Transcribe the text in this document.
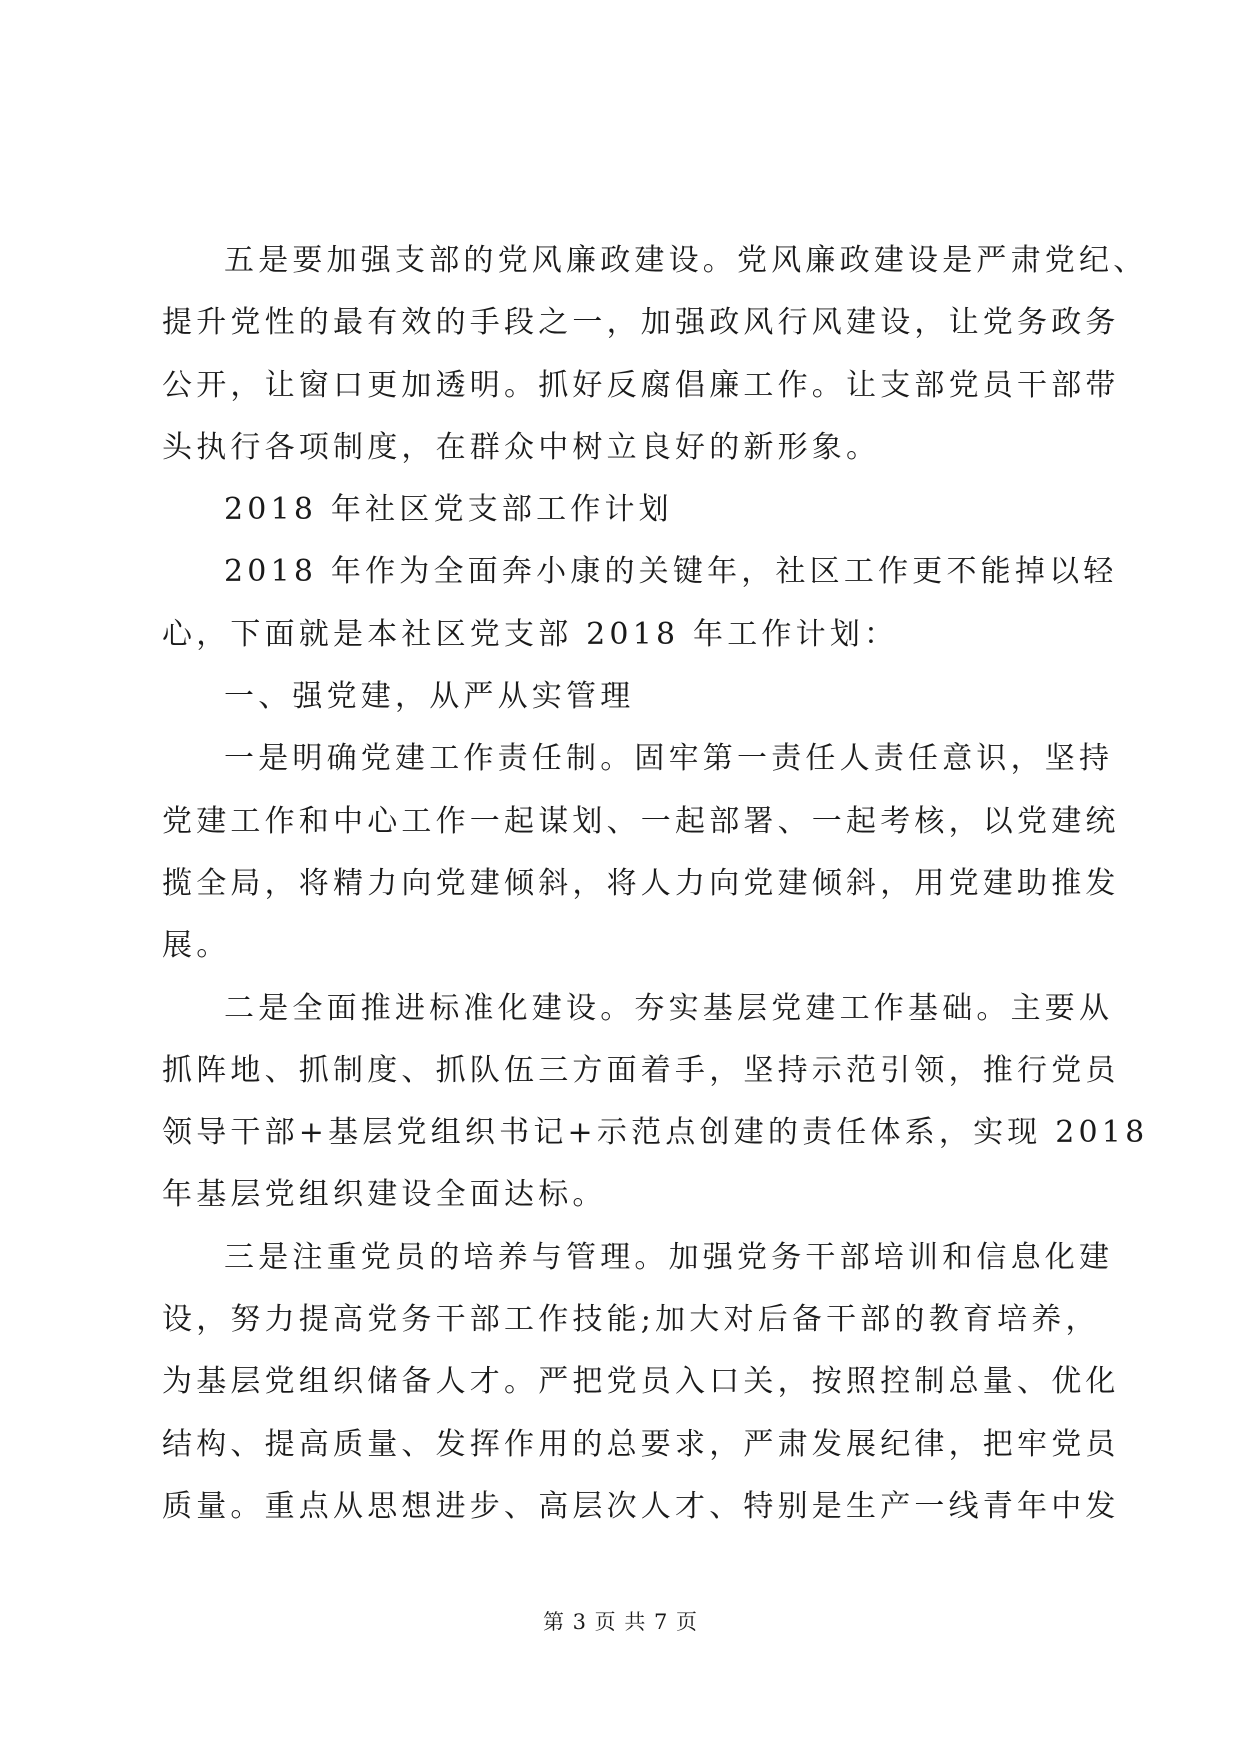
五是要加强支部的党风廉政建设。党风廉政建设是严肃党纪、

提升党性的最有效的手段之一，加强政风行风建设，让党务政务

公开，让窗口更加透明。抓好反腐倡廉工作。让支部党员干部带

头执行各项制度，在群众中树立良好的新形象。

2018 年社区党支部工作计划

2018 年作为全面奔小康的关键年，社区工作更不能掉以轻

心，下面就是本社区党支部 2018 年工作计划：

一、强党建，从严从实管理

一是明确党建工作责任制。固牢第一责任人责任意识，坚持

党建工作和中心工作一起谋划、一起部署、一起考核，以党建统

揽全局，将精力向党建倾斜，将人力向党建倾斜，用党建助推发

展。

二是全面推进标准化建设。夯实基层党建工作基础。主要从

抓阵地、抓制度、抓队伍三方面着手，坚持示范引领，推行党员

领导干部+基层党组织书记+示范点创建的责任体系，实现 2018

年基层党组织建设全面达标。

三是注重党员的培养与管理。加强党务干部培训和信息化建

设，努力提高党务干部工作技能;加大对后备干部的教育培养，

为基层党组织储备人才。严把党员入口关，按照控制总量、优化

结构、提高质量、发挥作用的总要求，严肃发展纪律，把牢党员

质量。重点从思想进步、高层次人才、特别是生产一线青年中发

第 3 页 共 7 页
